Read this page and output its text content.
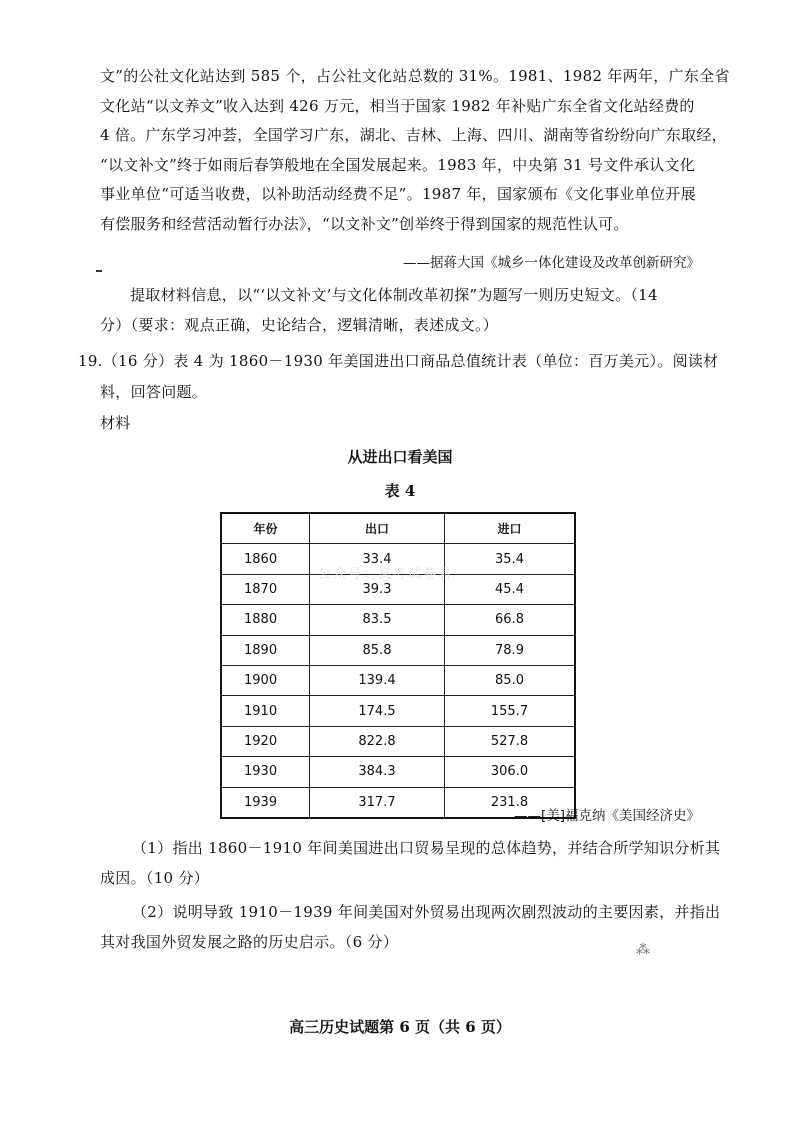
文”的公社文化站达到 585 个，占公社文化站总数的 31%。1981、1982 年两年，广东全省
文化站“以文养文”收入达到 426 万元，相当于国家 1982 年补贴广东全省文化站经费的
4 倍。广东学习冲荟，全国学习广东，湖北、吉林、上海、四川、湖南等省纷纷向广东取经，
“以文补文”终于如雨后春笋般地在全国发展起来。1983 年，中央第 31 号文件承认文化
事业单位“可适当收费，以补助活动经费不足”。1987 年，国家颁布《文化事业单位开展
有偿服务和经营活动暂行办法》，“以文补文”创举终于得到国家的规范性认可。
——据蒋大国《城乡一体化建设及改革创新研究》
提取材料信息，以“‘以文补文’与文化体制改革初探”为题写一则历史短文。（14
分）（要求：观点正确，史论结合，逻辑清晰，表述成文。）
19.（16 分）表 4 为 1860－1930 年美国进出口商品总值统计表（单位：百万美元）。阅读材
料，回答问题。
材料
从进出口看美国
表 4
年份	出口	进口
1860	33.4	35.4
1870	39.3	45.4
1880	83.5	66.8
1890	85.8	78.9
1900	139.4	85.0
1910	174.5	155.7
1920	822.8	527.8
1930	384.3	306.0
1939	317.7	231.8
公众号：高考试卷君
——[美]福克纳《美国经济史》
（1）指出 1860－1910 年间美国进出口贸易呈现的总体趋势，并结合所学知识分析其
成因。（10 分）
（2）说明导致 1910－1939 年间美国对外贸易出现两次剧烈波动的主要因素，并指出
其对我国外贸发展之路的历史启示。（6 分）	⁂
高三历史试题第 6 页（共 6 页）
